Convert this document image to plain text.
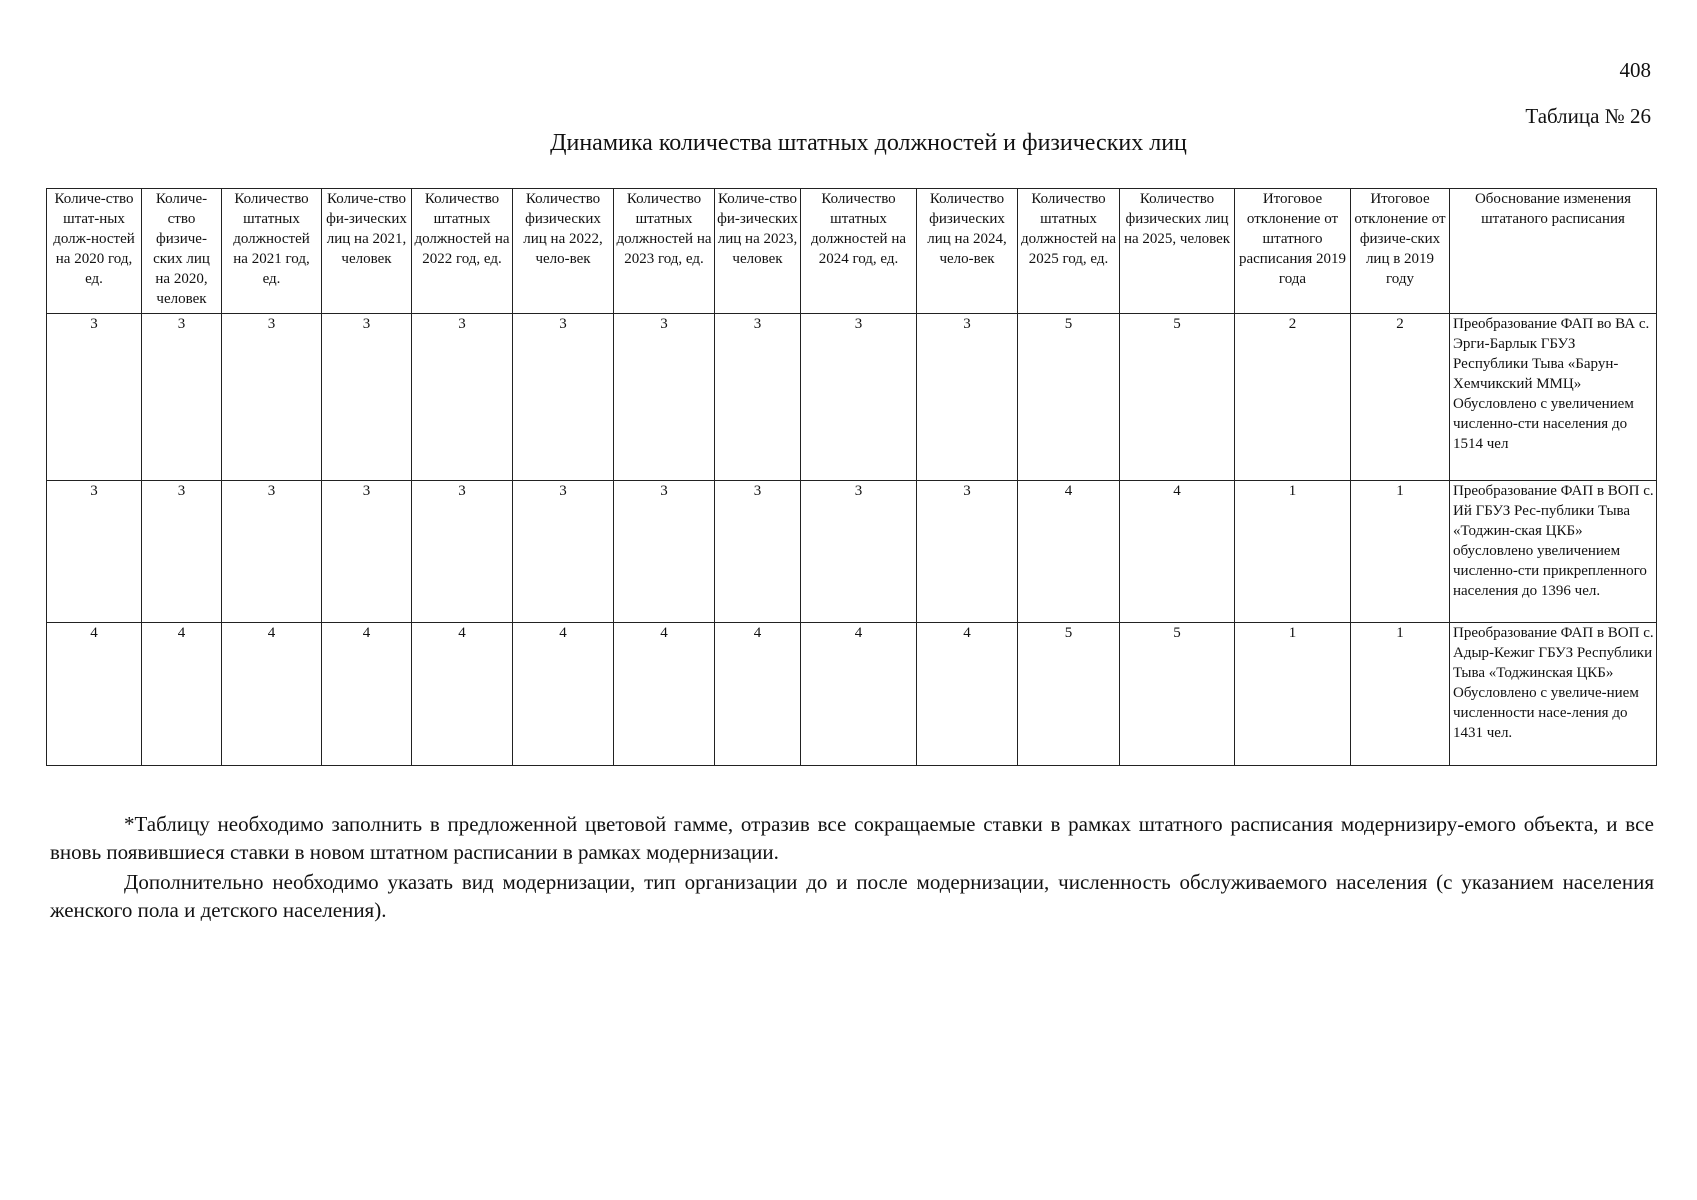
408
Таблица № 26
Динамика количества штатных должностей и физических лиц
Количе-ство штат-ных долж-ностей на 2020 год, ед.	Количе-ство физиче-ских лиц на 2020, человек	Количество штатных должностей на 2021 год, ед.	Количе-ство фи-зических лиц на 2021, человек	Количество штатных должностей на 2022 год, ед.	Количество физических лиц на 2022, чело-век	Количество штатных должностей на 2023 год, ед.	Количе-ство фи-зических лиц на 2023, человек	Количество штатных должностей на 2024 год, ед.	Количество физических лиц на 2024, чело-век	Количество штатных должностей на 2025 год, ед.	Количество физических лиц на 2025, человек	Итоговое отклонение от штатного расписания 2019 года	Итоговое отклонение от физиче-ских лиц в 2019 году	Обоснование изменения штатаного расписания
3	3	3	3	3	3	3	3	3	3	5	5	2	2	Преобразование ФАП во ВА с. Эрги-Барлык ГБУЗ Республики Тыва «Барун-Хемчикский ММЦ» Обусловлено с увеличением численно-сти населения до 1514 чел
3	3	3	3	3	3	3	3	3	3	4	4	1	1	Преобразование ФАП в ВОП с. Ий ГБУЗ Рес-публики Тыва «Тоджин-ская ЦКБ» обусловлено увеличением численно-сти прикрепленного населения до 1396 чел.
4	4	4	4	4	4	4	4	4	4	5	5	1	1	Преобразование ФАП в ВОП с. Адыр-Кежиг ГБУЗ Республики Тыва «Тоджинская ЦКБ» Обусловлено с увеличе-нием численности насе-ления до 1431 чел.

*Таблицу необходимо заполнить в предложенной цветовой гамме, отразив все сокращаемые ставки в рамках штатного расписания модернизиру-емого объекта, и все вновь появившиеся ставки в новом штатном расписании в рамках модернизации.

Дополнительно необходимо указать вид модернизации, тип организации до и после модернизации, численность обслуживаемого населения (с указанием населения женского пола и детского населения).
